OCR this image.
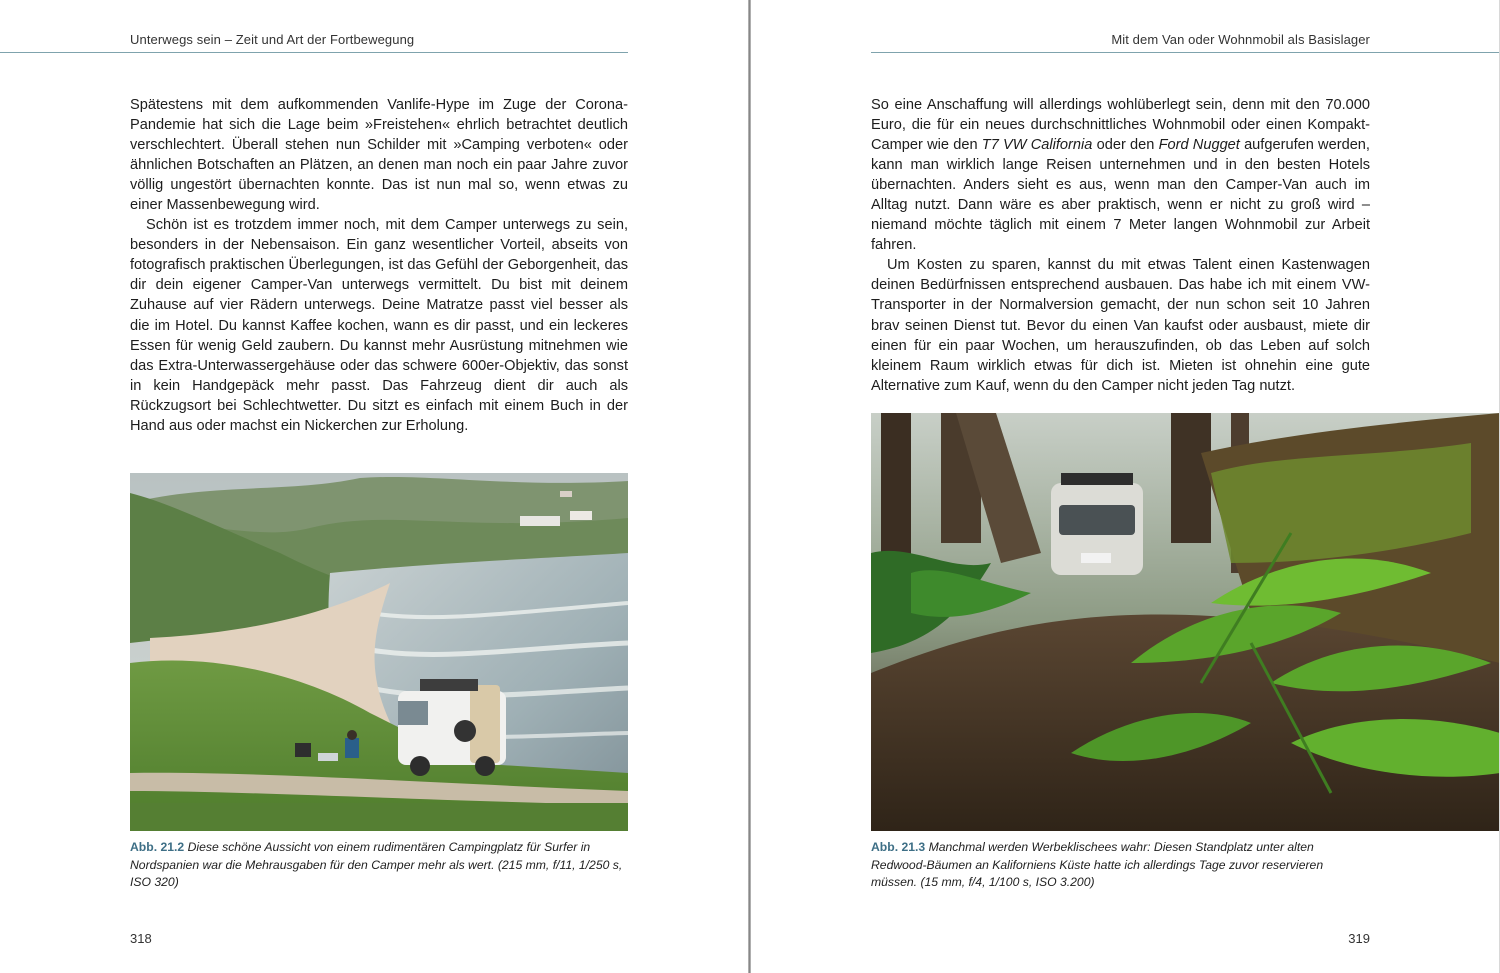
Unterwegs sein – Zeit und Art der Fortbewegung

Spätestens mit dem aufkommenden Vanlife-Hype im Zuge der Corona-Pandemie hat sich die Lage beim »Freistehen« ehrlich betrachtet deutlich verschlechtert. Überall stehen nun Schilder mit »Camping verboten« oder ähnlichen Botschaften an Plätzen, an denen man noch ein paar Jahre zuvor völlig ungestört übernachten konnte. Das ist nun mal so, wenn etwas zu einer Massenbewegung wird.

Schön ist es trotzdem immer noch, mit dem Camper unterwegs zu sein, besonders in der Nebensaison. Ein ganz wesentlicher Vorteil, abseits von fotografisch praktischen Überlegungen, ist das Gefühl der Geborgenheit, das dir dein eigener Camper-Van unterwegs vermittelt. Du bist mit deinem Zuhause auf vier Rädern unterwegs. Deine Matratze passt viel besser als die im Hotel. Du kannst Kaffee kochen, wann es dir passt, und ein leckeres Essen für wenig Geld zaubern. Du kannst mehr Ausrüstung mitnehmen wie das Extra-Unterwassergehäuse oder das schwere 600er-Objektiv, das sonst in kein Handgepäck mehr passt. Das Fahrzeug dient dir auch als Rückzugsort bei Schlechtwetter. Du sitzt es einfach mit einem Buch in der Hand aus oder machst ein Nickerchen zur Erholung.

Abb. 21.2 Diese schöne Aussicht von einem rudimentären Campingplatz für Surfer in Nordspanien war die Mehrausgaben für den Camper mehr als wert. (215 mm, f/11, 1/250 s, ISO 320)
318
Mit dem Van oder Wohnmobil als Basislager

So eine Anschaffung will allerdings wohlüberlegt sein, denn mit den 70.000 Euro, die für ein neues durchschnittliches Wohnmobil oder einen Kompakt-Camper wie den T7 VW California oder den Ford Nugget aufgerufen werden, kann man wirklich lange Reisen unternehmen und in den besten Hotels übernachten. Anders sieht es aus, wenn man den Camper-Van auch im Alltag nutzt. Dann wäre es aber praktisch, wenn er nicht zu groß wird – niemand möchte täglich mit einem 7 Meter langen Wohnmobil zur Arbeit fahren.

Um Kosten zu sparen, kannst du mit etwas Talent einen Kastenwagen deinen Bedürfnissen entsprechend ausbauen. Das habe ich mit einem VW-Transporter in der Normalversion gemacht, der nun schon seit 10 Jahren brav seinen Dienst tut. Bevor du einen Van kaufst oder ausbaust, miete dir einen für ein paar Wochen, um herauszufinden, ob das Leben auf solch kleinem Raum wirklich etwas für dich ist. Mieten ist ohnehin eine gute Alternative zum Kauf, wenn du den Camper nicht jeden Tag nutzt.

Abb. 21.3 Manchmal werden Werbeklischees wahr: Diesen Standplatz unter alten Redwood-Bäumen an Kaliforniens Küste hatte ich allerdings Tage zuvor reservieren müssen. (15 mm, f/4, 1/100 s, ISO 3.200)
319
